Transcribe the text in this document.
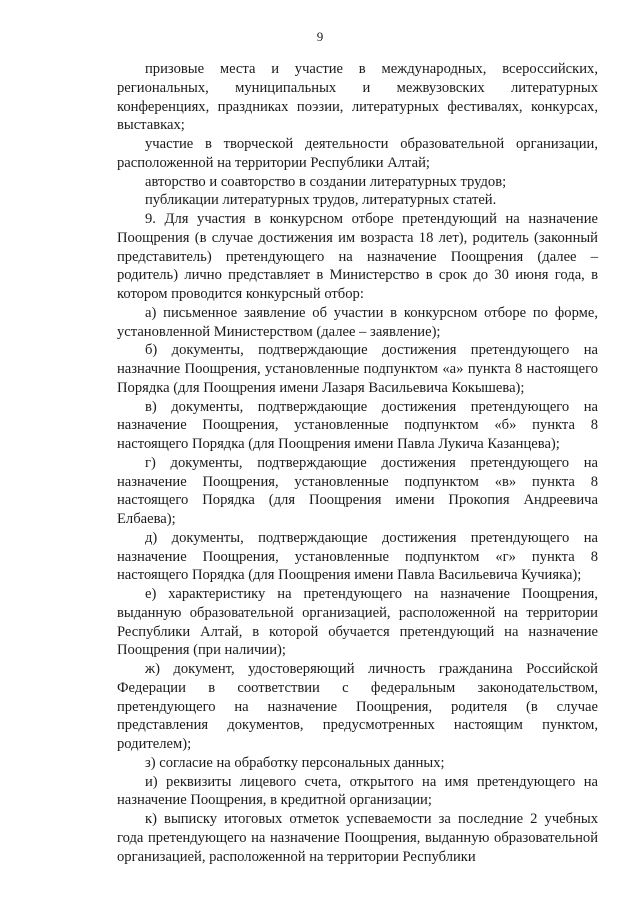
9

призовые места и участие в международных, всероссийских, региональных, муниципальных и межвузовских литературных конференциях, праздниках поэзии, литературных фестивалях, конкурсах, выставках;

участие в творческой деятельности образовательной организации, расположенной на территории Республики Алтай;

авторство и соавторство в создании литературных трудов;

публикации литературных трудов, литературных статей.

9. Для участия в конкурсном отборе претендующий на назначение Поощрения (в случае достижения им возраста 18 лет), родитель (законный представитель) претендующего на назначение Поощрения (далее – родитель) лично представляет в Министерство в срок до 30 июня года, в котором проводится конкурсный отбор:

а) письменное заявление об участии в конкурсном отборе по форме, установленной Министерством (далее – заявление);

б) документы, подтверждающие достижения претендующего на назначние Поощрения, установленные подпунктом «а» пункта 8 настоящего Порядка (для Поощрения имени Лазаря Васильевича Кокышева);

в) документы, подтверждающие достижения претендующего на назначение Поощрения, установленные подпунктом «б» пункта 8 настоящего Порядка (для Поощрения имени Павла Лукича Казанцева);

г) документы, подтверждающие достижения претендующего на назначение Поощрения, установленные подпунктом «в» пункта 8 настоящего Порядка (для Поощрения имени Прокопия Андреевича Елбаева);

д) документы, подтверждающие достижения претендующего на назначение Поощрения, установленные подпунктом «г» пункта 8 настоящего Порядка (для Поощрения имени Павла Васильевича Кучияка);

е) характеристику на претендующего на назначение Поощрения, выданную образовательной организацией, расположенной на территории Республики Алтай, в которой обучается претендующий на назначение Поощрения (при наличии);

ж) документ, удостоверяющий личность гражданина Российской Федерации в соответствии с федеральным законодательством, претендующего на назначение Поощрения, родителя (в случае представления документов, предусмотренных настоящим пунктом, родителем);

з) согласие на обработку персональных данных;

и) реквизиты лицевого счета, открытого на имя претендующего на назначение Поощрения, в кредитной организации;

к) выписку итоговых отметок успеваемости за последние 2 учебных года претендующего на назначение Поощрения, выданную образовательной организацией, расположенной на территории Республики
